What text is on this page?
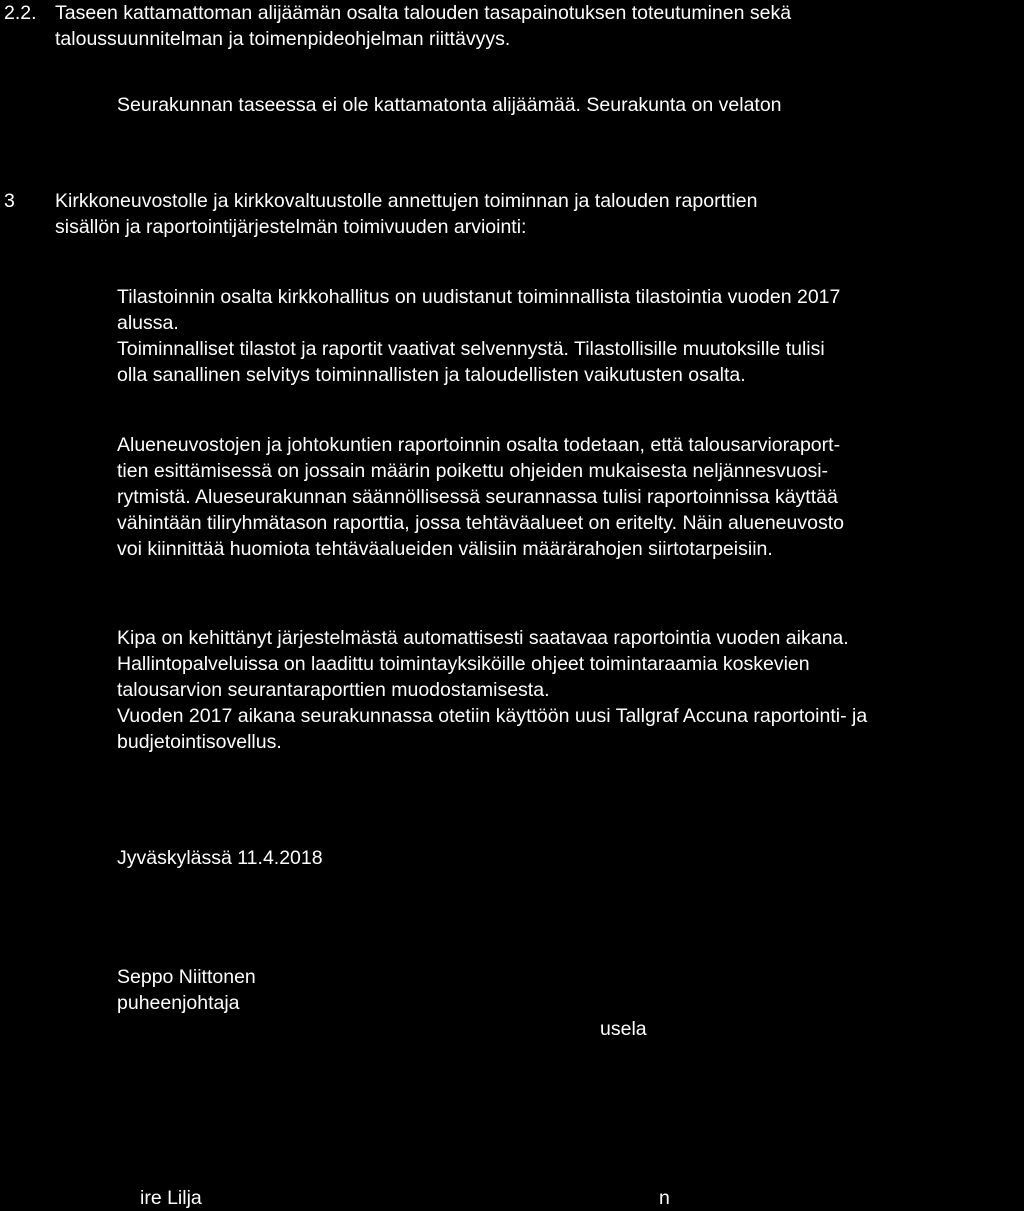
2.2. Taseen kattamattoman alijäämän osalta talouden tasapainotuksen toteutuminen sekä
taloussuunnitelman ja toimenpideohjelman riittävyys.
Seurakunnan taseessa ei ole kattamatonta alijäämää. Seurakunta on velaton
3 Kirkkoneuvostolle ja kirkkovaltuustolle annettujen toiminnan ja talouden raporttien
sisällön ja raportointijärjestelmän toimivuuden arviointi:
Tilastoinnin osalta kirkkohallitus on uudistanut toiminnallista tilastointia vuoden 2017
alussa.
Toiminnalliset tilastot ja raportit vaativat selvennystä. Tilastollisille muutoksille tulisi
olla sanallinen selvitys toiminnallisten ja taloudellisten vaikutusten osalta.
Alueneuvostojen ja johtokuntien raportoinnin osalta todetaan, että talousarvioraport-
tien esittämisessä on jossain määrin poikettu ohjeiden mukaisesta neljännesvuosi-
rytmistä. Alueseurakunnan säännöllisessä seurannassa tulisi raportoinnissa käyttää
vähintään tiliryhmätason raporttia, jossa tehtäväalueet on eritelty. Näin alueneuvosto
voi kiinnittää huomiota tehtäväalueiden välisiin määrärahojen siirtotarpeisiin.
Kipa on kehittänyt järjestelmästä automattisesti saatavaa raportointia vuoden aikana.
Hallintopalveluissa on laadittu toimintayksiköille ohjeet toimintaraamia koskevien
talousarvion seurantaraporttien muodostamisesta.
Vuoden 2017 aikana seurakunnassa otetiin käyttöön uusi Tallgraf Accuna raportointi- ja
budjetointisovellus.
Jyväskylässä 11.4.2018
Seppo Niittonen
puheenjohtaja
usela
ire Lilja	n
